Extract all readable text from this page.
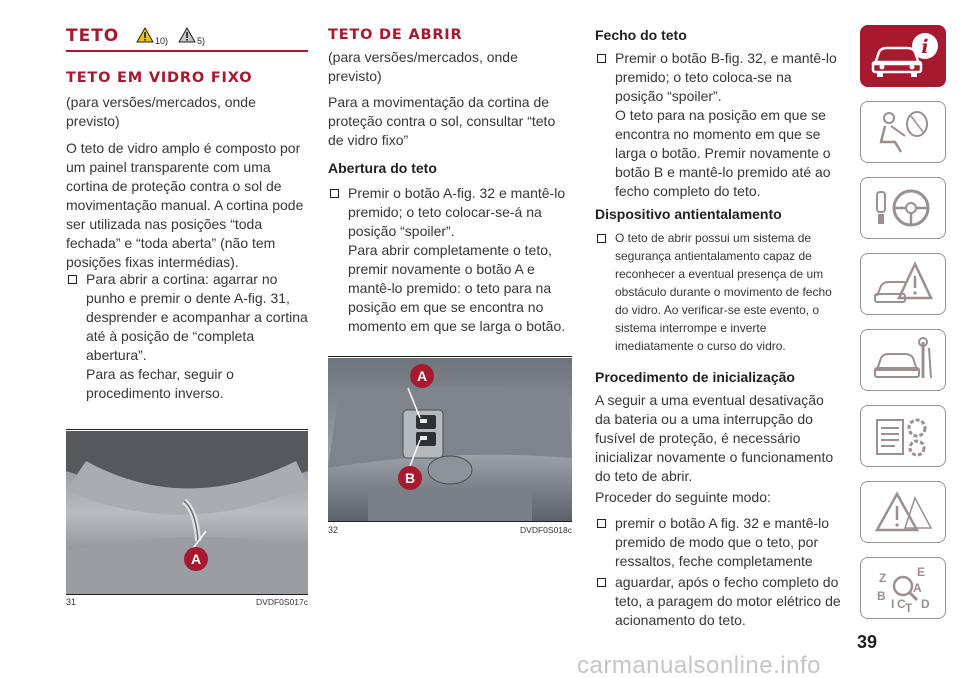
TETO	10)	5)
TETO EM VIDRO FIXO

(para versões/mercados, onde previsto)

O teto de vidro amplo é composto por um painel transparente com uma cortina de proteção contra o sol de movimentação manual. A cortina pode ser utilizada nas posições “toda fechada” e “toda aberta” (não tem posições fixas intermédias).

Para abrir a cortina: agarrar no punho e premir o dente A-fig. 31, desprender e acompanhar a cortina até à posição de “completa abertura”.

Para as fechar, seguir o procedimento inverso.

A
31	DVDF0S017c
TETO DE ABRIR

(para versões/mercados, onde previsto)

Para a movimentação da cortina de proteção contra o sol, consultar “teto de vidro fixo”

Abertura do teto

Premir o botão A-fig. 32 e mantê-lo premido; o teto colocar-se-á na posição “spoiler”.

Para abrir completamente o teto, premir novamente o botão A e mantê-lo premido: o teto para na posição em que se encontra no momento em que se larga o botão.

A
B
32	DVDF0S018c
Fecho do teto

Premir o botão B-fig. 32, e mantê-lo premido; o teto coloca-se na posição “spoiler”.

O teto para na posição em que se encontra no momento em que se larga o botão. Premir novamente o botão B e mantê-lo premido até ao fecho completo do teto.

Dispositivo antientalamento

O teto de abrir possui um sistema de segurança antientalamento capaz de reconhecer a eventual presença de um obstáculo durante o movimento de fecho do vidro. Ao verificar-se este evento, o sistema interrompe e inverte imediatamente o curso do vidro.

Procedimento de inicialização

A seguir a uma eventual desativação da bateria ou a uma interrupção do fusível de proteção, é necessário inicializar novamente o funcionamento do teto de abrir.

Proceder do seguinte modo:

premir o botão A fig. 32 e mantê-lo premido de modo que o teto, por ressaltos, feche completamente

aguardar, após o fecho completo do teto, a paragem do motor elétrico de acionamento do teto.

i
Z	E
A
B
I C T D
39
carmanualsonline.info
